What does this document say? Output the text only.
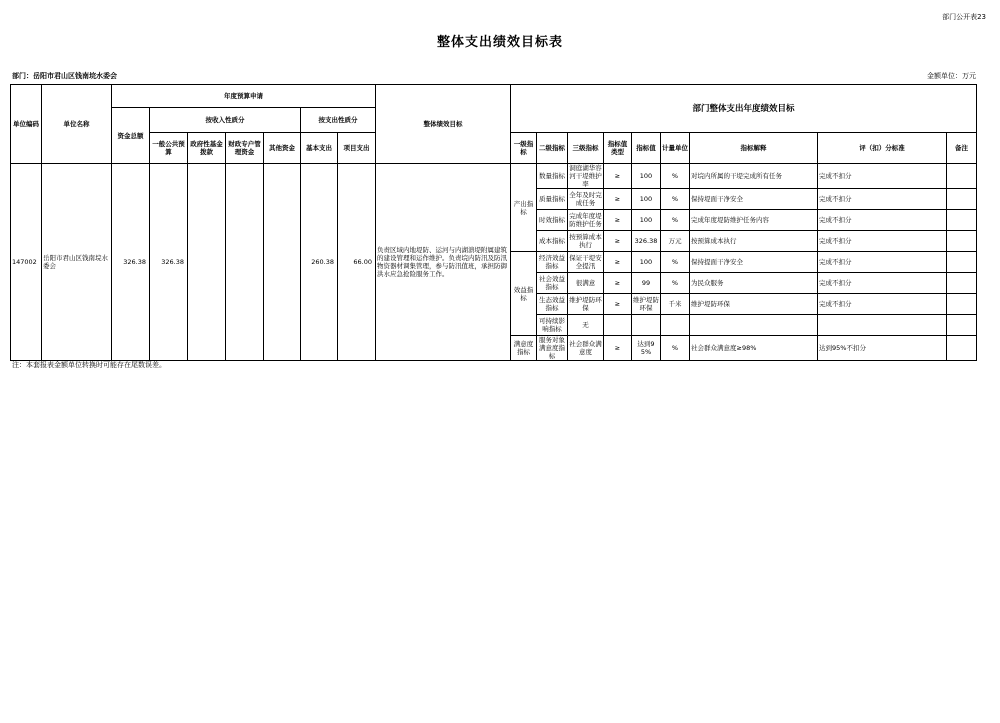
部门公开表23
整体支出绩效目标表
部门：岳阳市君山区钱南垸水委会	金额单位：万元
单位编码	单位名称	年度预算申请							整体绩效目标	部门整体支出年度绩效目标								
		资金总额	按收入性质分				按支出性质分											
			一般公共预算	政府性基金拨款	财政专户管理资金	其他资金	基本支出	项目支出		一级指标	二级指标	三级指标	指标值类型	指标值	计量单位	指标解释	评（扣）分标准	备注
147002	岳阳市君山区钱南垸水委会	326.38	326.38				260.38	66.00	负责区域内地堤防、运河与内湖溃堤附属建筑的建设管理和运作维护。负责垸内防汛及防汛物资器材调集管理，参与防汛值班，承担防御洪水应急抢险服务工作。	产出指标	数量指标	洞庭湖华容河干堤维护率	≥	100	%	对垸内所属的干堤完成所有任务	完成不扣分	
											质量指标	全年及时完成任务	≥	100	%	保持堤面干净安全	完成不扣分	
											时效指标	完成年度堤防维护任务	≥	100	%	完成年度堤防维护任务内容	完成不扣分	
											成本指标	按预算成本执行	≥	326.38	万元	按预算成本执行	完成不扣分	
										效益指标	经济效益指标	保证干堤安全提汛	≥	100	%	保持提面干净安全	完成不扣分	
											社会效益指标	很满意	≥	99	%	为民众服务	完成不扣分	
											生态效益指标	维护堤防环保	≥	维护堤防环保	千米	维护堤防环保	完成不扣分	
											可持续影响指标	无						
										满意度指标	服务对象满意度指标	社会群众满意度	≥	达到95%	%	社会群众满意度≥98%	达到95%不扣分	
注：本套报表金额单位转换时可能存在尾数误差。
